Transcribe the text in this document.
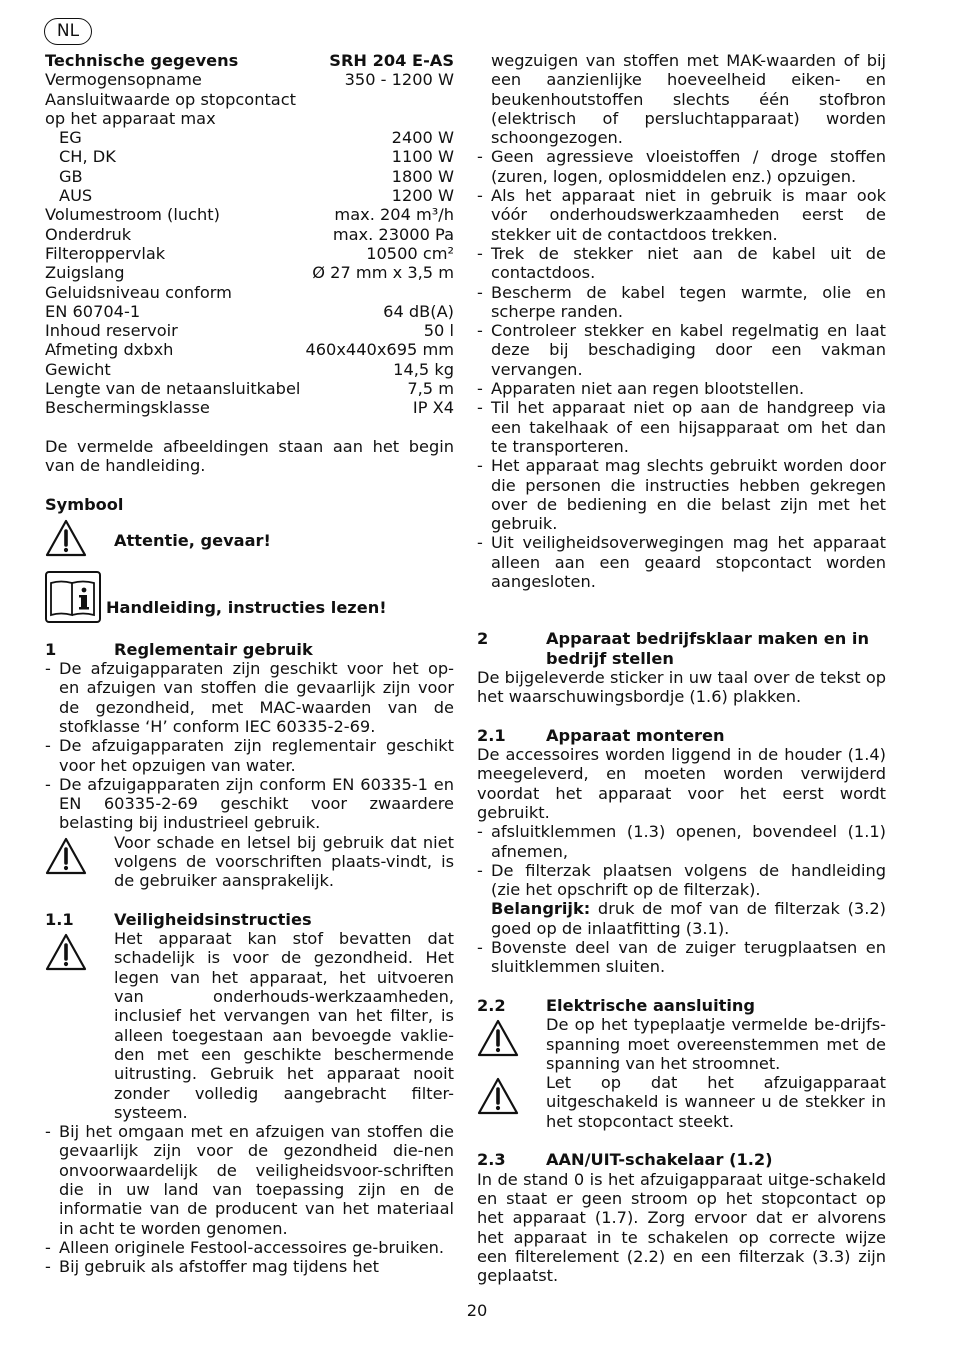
NL
Technische gegevens	SRH 204 E-AS
Vermogensopname	350 - 1200 W
Aansluitwaarde op stopcontact
op het apparaat max
EG	2400 W
CH, DK	1100 W
GB	1800 W
AUS	1200 W
Volumestroom (lucht)	max. 204 m³/h
Onderdruk	max. 23000 Pa
Filteroppervlak	10500 cm²
Zuigslang	Ø 27 mm x 3,5 m
Geluidsniveau conform
EN 60704-1	64 dB(A)
Inhoud reservoir	50 l
Afmeting dxbxh	460x440x695 mm
Gewicht	14,5 kg
Lengte van de netaansluitkabel	7,5 m
Beschermingsklasse	IP X4
De vermelde afbeeldingen staan aan het begin van de handleiding.
Symbool
Attentie, gevaar!
Handleiding, instructies lezen!
1	Reglementair gebruik
- De afzuigapparaten zijn geschikt voor het op- en afzuigen van stoffen die gevaarlijk zijn voor de gezondheid, met MAC-waarden van de stofklasse ‘H’ conform IEC 60335-2-69.
- De afzuigapparaten zijn reglementair geschikt voor het opzuigen van water.
- De afzuigapparaten zijn conform EN 60335-1 en EN 60335-2-69 geschikt voor zwaardere belasting bij industrieel gebruik.
Voor schade en letsel bij gebruik dat niet volgens de voorschriften plaats-vindt, is de gebruiker aansprakelijk.
1.1	Veiligheidsinstructies
Het apparaat kan stof bevatten dat schadelijk is voor de gezondheid. Het legen van het apparaat, het uitvoeren van onderhouds-werkzaamheden, inclusief het vervangen van het filter, is alleen toegestaan aan bevoegde vaklie-den met een geschikte beschermende uitrusting. Gebruik het apparaat nooit zonder volledig aangebracht filter-systeem.
- Bij het omgaan met en afzuigen van stoffen die gevaarlijk zijn voor de gezondheid die-nen onvoorwaardelijk de veiligheidsvoor-schriften die in uw land van toepassing zijn en de informatie van de producent van het materiaal in acht te worden genomen.
- Alleen originele Festool-accessoires ge-bruiken.
- Bij gebruik als afstoffer mag tijdens het
wegzuigen van stoffen met MAK-waarden of bij een aanzienlijke hoeveelheid eiken- en beukenhoutstoffen slechts één stofbron (elektrisch of persluchtapparaat) worden schoongezogen.
- Geen agressieve vloeistoffen / droge stoffen (zuren, logen, oplosmiddelen enz.) opzuigen.
- Als het apparaat niet in gebruik is maar ook vóór onderhoudswerkzaamheden eerst de stekker uit de contactdoos trekken.
- Trek de stekker niet aan de kabel uit de contactdoos.
- Bescherm de kabel tegen warmte, olie en scherpe randen.
- Controleer stekker en kabel regelmatig en laat deze bij beschadiging door een vakman vervangen.
- Apparaten niet aan regen blootstellen.
- Til het apparaat niet op aan de handgreep via een takelhaak of een hijsapparaat om het dan te transporteren.
- Het apparaat mag slechts gebruikt worden door die personen die instructies hebben gekregen over de bediening en die belast zijn met het gebruik.
- Uit veiligheidsoverwegingen mag het apparaat alleen aan een geaard stopcontact worden aangesloten.
2	Apparaat bedrijfsklaar maken en in bedrijf stellen
De bijgeleverde sticker in uw taal over de tekst op het waarschuwingsbordje (1.6) plakken.
2.1	Apparaat monteren
De accessoires worden liggend in de houder (1.4) meegeleverd, en moeten worden verwijderd voordat het apparaat voor het eerst wordt gebruikt.
- afsluitklemmen (1.3) openen, bovendeel (1.1) afnemen,
- De filterzak plaatsen volgens de handleiding (zie het opschrift op de filterzak).
Belangrijk: druk de mof van de filterzak (3.2) goed op de inlaatfitting (3.1).
- Bovenste deel van de zuiger terugplaatsen en sluitklemmen sluiten.
2.2	Elektrische aansluiting
De op het typeplaatje vermelde be-drijfs-spanning moet overeenstemmen met de spanning van het stroomnet.
Let op dat het afzuigapparaat uitgeschakeld is wanneer u de stekker in het stopcontact steekt.
2.3	AAN/UIT-schakelaar (1.2)
In de stand 0 is het afzuigapparaat uitge-schakeld en staat er geen stroom op het stopcontact op het apparaat (1.7). Zorg ervoor dat er alvorens het apparaat in te schakelen op correcte wijze een filterelement (2.2) en een filterzak (3.3) zijn geplaatst.
20
